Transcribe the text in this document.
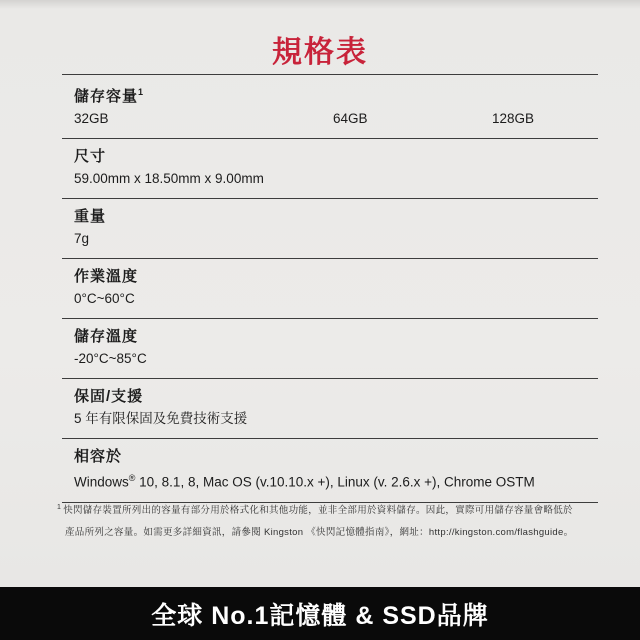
規格表
儲存容量$^1$
32GB	64GB	128GB
尺寸
59.00mm x 18.50mm x 9.00mm
重量
7g
作業溫度
0°C~60°C
儲存溫度
-20°C~85°C
保固/支援
5 年有限保固及免費技術支援
相容於
Windows® 10, 8.1, 8, Mac OS (v.10.10.x +), Linux (v. 2.6.x +), Chrome OSTM
$^1$ 快閃儲存裝置所列出的容量有部分用於格式化和其他功能，並非全部用於資料儲存。因此，實際可用儲存容量會略低於
產品所列之容量。如需更多詳細資訊，請參閱 Kingston 《快閃記憶體指南》，網址：http://kingston.com/flashguide。
全球 No.1記憶體 & SSD品牌
